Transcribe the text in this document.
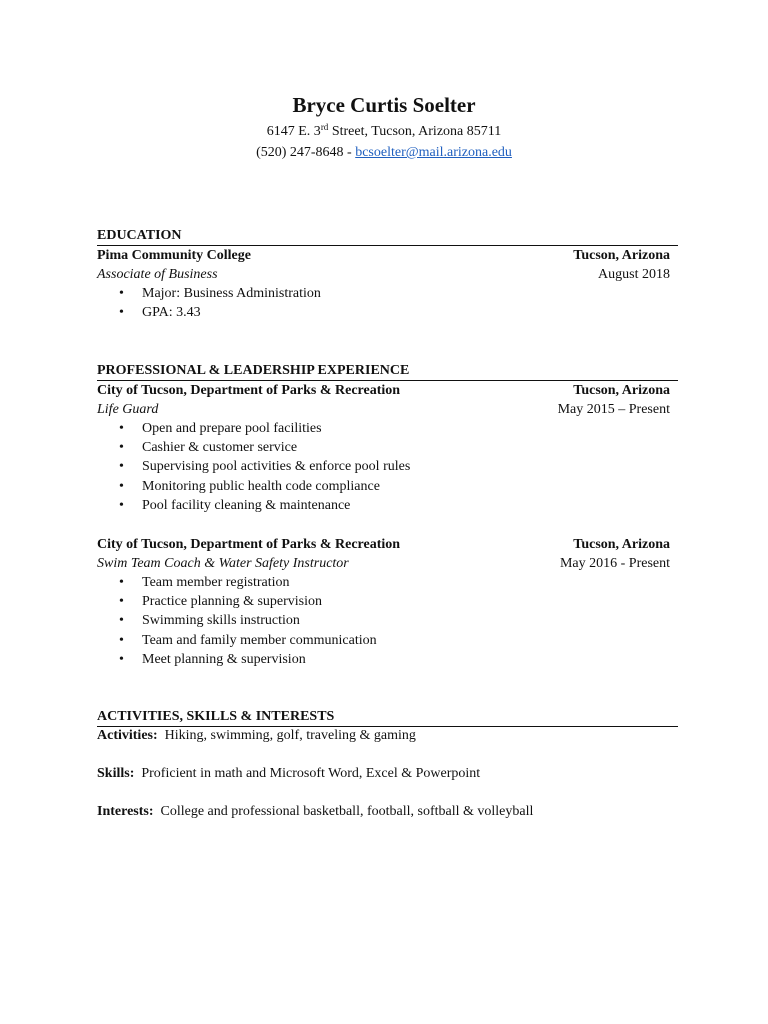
Bryce Curtis Soelter
6147 E. 3rd Street, Tucson, Arizona 85711
(520) 247-8648 - bcsoelter@mail.arizona.edu
EDUCATION
Pima Community College	Tucson, Arizona
Associate of Business	August 2018
• Major: Business Administration
• GPA: 3.43
PROFESSIONAL & LEADERSHIP EXPERIENCE
City of Tucson, Department of Parks & Recreation	Tucson, Arizona
Life Guard	May 2015 – Present
• Open and prepare pool facilities
• Cashier & customer service
• Supervising pool activities & enforce pool rules
• Monitoring public health code compliance
• Pool facility cleaning & maintenance
City of Tucson, Department of Parks & Recreation	Tucson, Arizona
Swim Team Coach & Water Safety Instructor	May 2016 - Present
• Team member registration
• Practice planning & supervision
• Swimming skills instruction
• Team and family member communication
• Meet planning & supervision
ACTIVITIES, SKILLS & INTERESTS
Activities: Hiking, swimming, golf, traveling & gaming
Skills: Proficient in math and Microsoft Word, Excel & Powerpoint
Interests: College and professional basketball, football, softball & volleyball
